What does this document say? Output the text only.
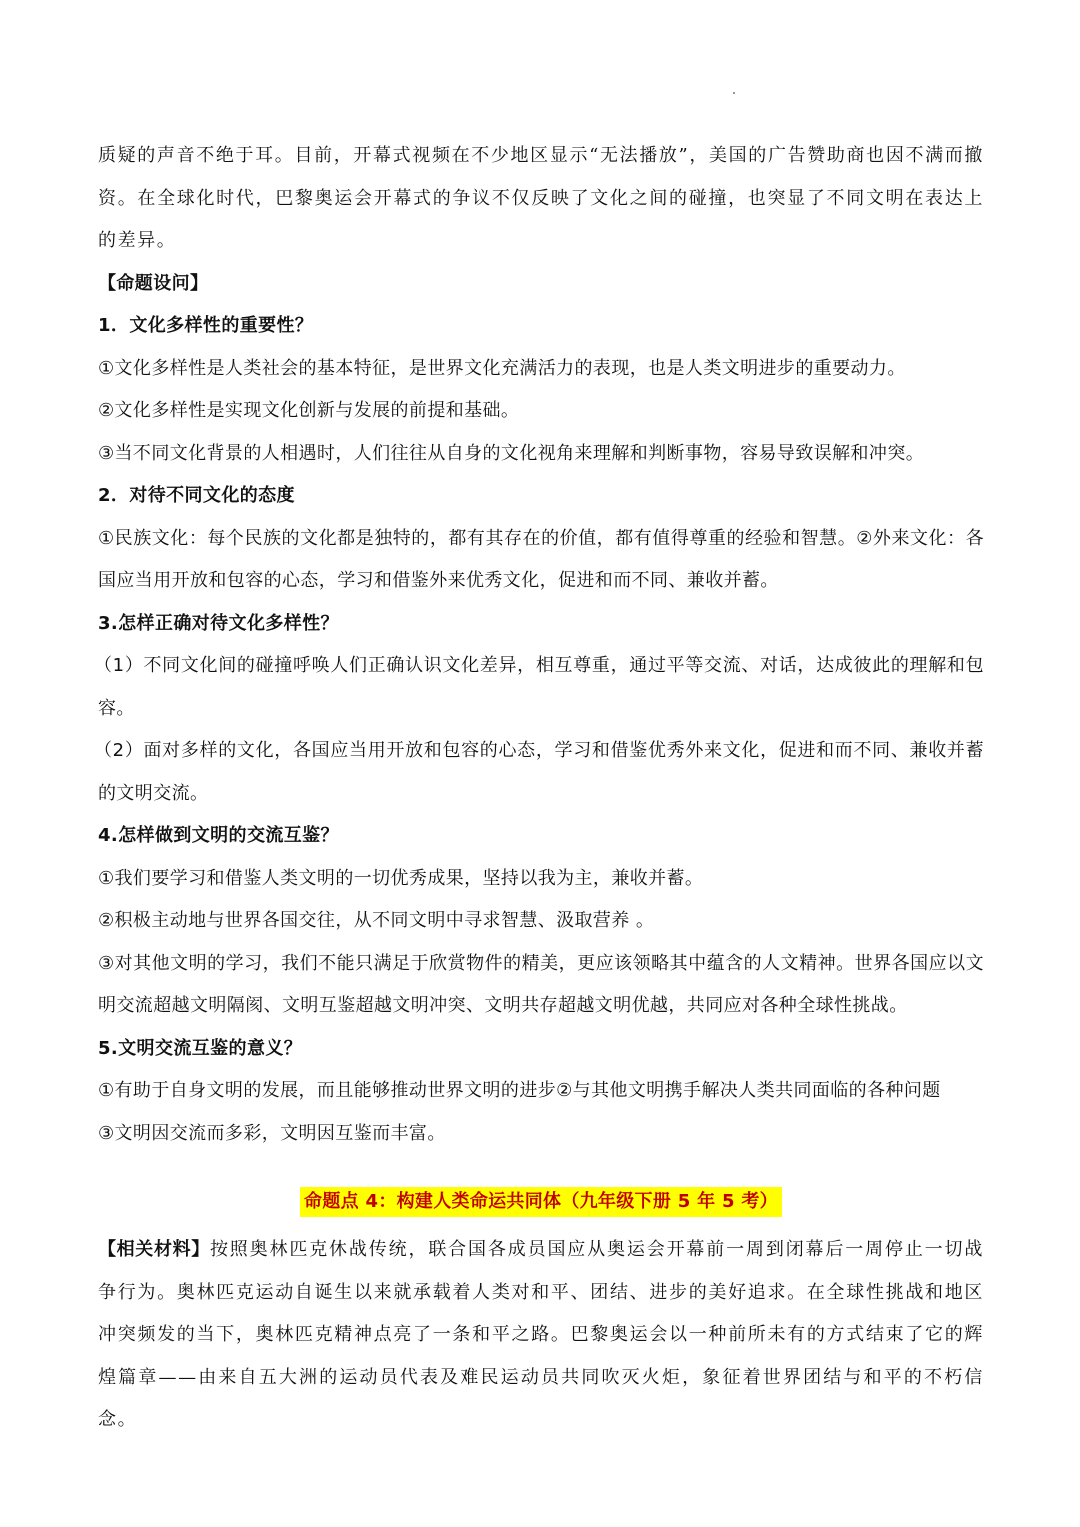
质疑的声音不绝于耳。目前，开幕式视频在不少地区显示“无法播放”，美国的广告赞助商也因不满而撤资。在全球化时代，巴黎奥运会开幕式的争议不仅反映了文化之间的碰撞，也突显了不同文明在表达上的差异。

【命题设问】

1．文化多样性的重要性？

①文化多样性是人类社会的基本特征，是世界文化充满活力的表现，也是人类文明进步的重要动力。

②文化多样性是实现文化创新与发展的前提和基础。

③当不同文化背景的人相遇时，人们往往从自身的文化视角来理解和判断事物，容易导致误解和冲突。

2．对待不同文化的态度

①民族文化：每个民族的文化都是独特的，都有其存在的价值，都有值得尊重的经验和智慧。②外来文化：各国应当用开放和包容的心态，学习和借鉴外来优秀文化，促进和而不同、兼收并蓄。

3.怎样正确对待文化多样性？

（1）不同文化间的碰撞呼唤人们正确认识文化差异，相互尊重，通过平等交流、对话，达成彼此的理解和包容。

（2）面对多样的文化，各国应当用开放和包容的心态，学习和借鉴优秀外来文化，促进和而不同、兼收并蓄的文明交流。

4.怎样做到文明的交流互鉴？

①我们要学习和借鉴人类文明的一切优秀成果，坚持以我为主，兼收并蓄。

②积极主动地与世界各国交往，从不同文明中寻求智慧、汲取营养 。

③对其他文明的学习，我们不能只满足于欣赏物件的精美，更应该领略其中蕴含的人文精神。世界各国应以文明交流超越文明隔阂、文明互鉴超越文明冲突、文明共存超越文明优越，共同应对各种全球性挑战。

5.文明交流互鉴的意义？

①有助于自身文明的发展，而且能够推动世界文明的进步②与其他文明携手解决人类共同面临的各种问题

③文明因交流而多彩，文明因互鉴而丰富。

命题点 4：构建人类命运共同体（九年级下册 5 年 5 考）

【相关材料】按照奥林匹克休战传统，联合国各成员国应从奥运会开幕前一周到闭幕后一周停止一切战争行为。奥林匹克运动自诞生以来就承载着人类对和平、团结、进步的美好追求。在全球性挑战和地区冲突频发的当下，奥林匹克精神点亮了一条和平之路。巴黎奥运会以一种前所未有的方式结束了它的辉煌篇章——由来自五大洲的运动员代表及难民运动员共同吹灭火炬，象征着世界团结与和平的不朽信念。
